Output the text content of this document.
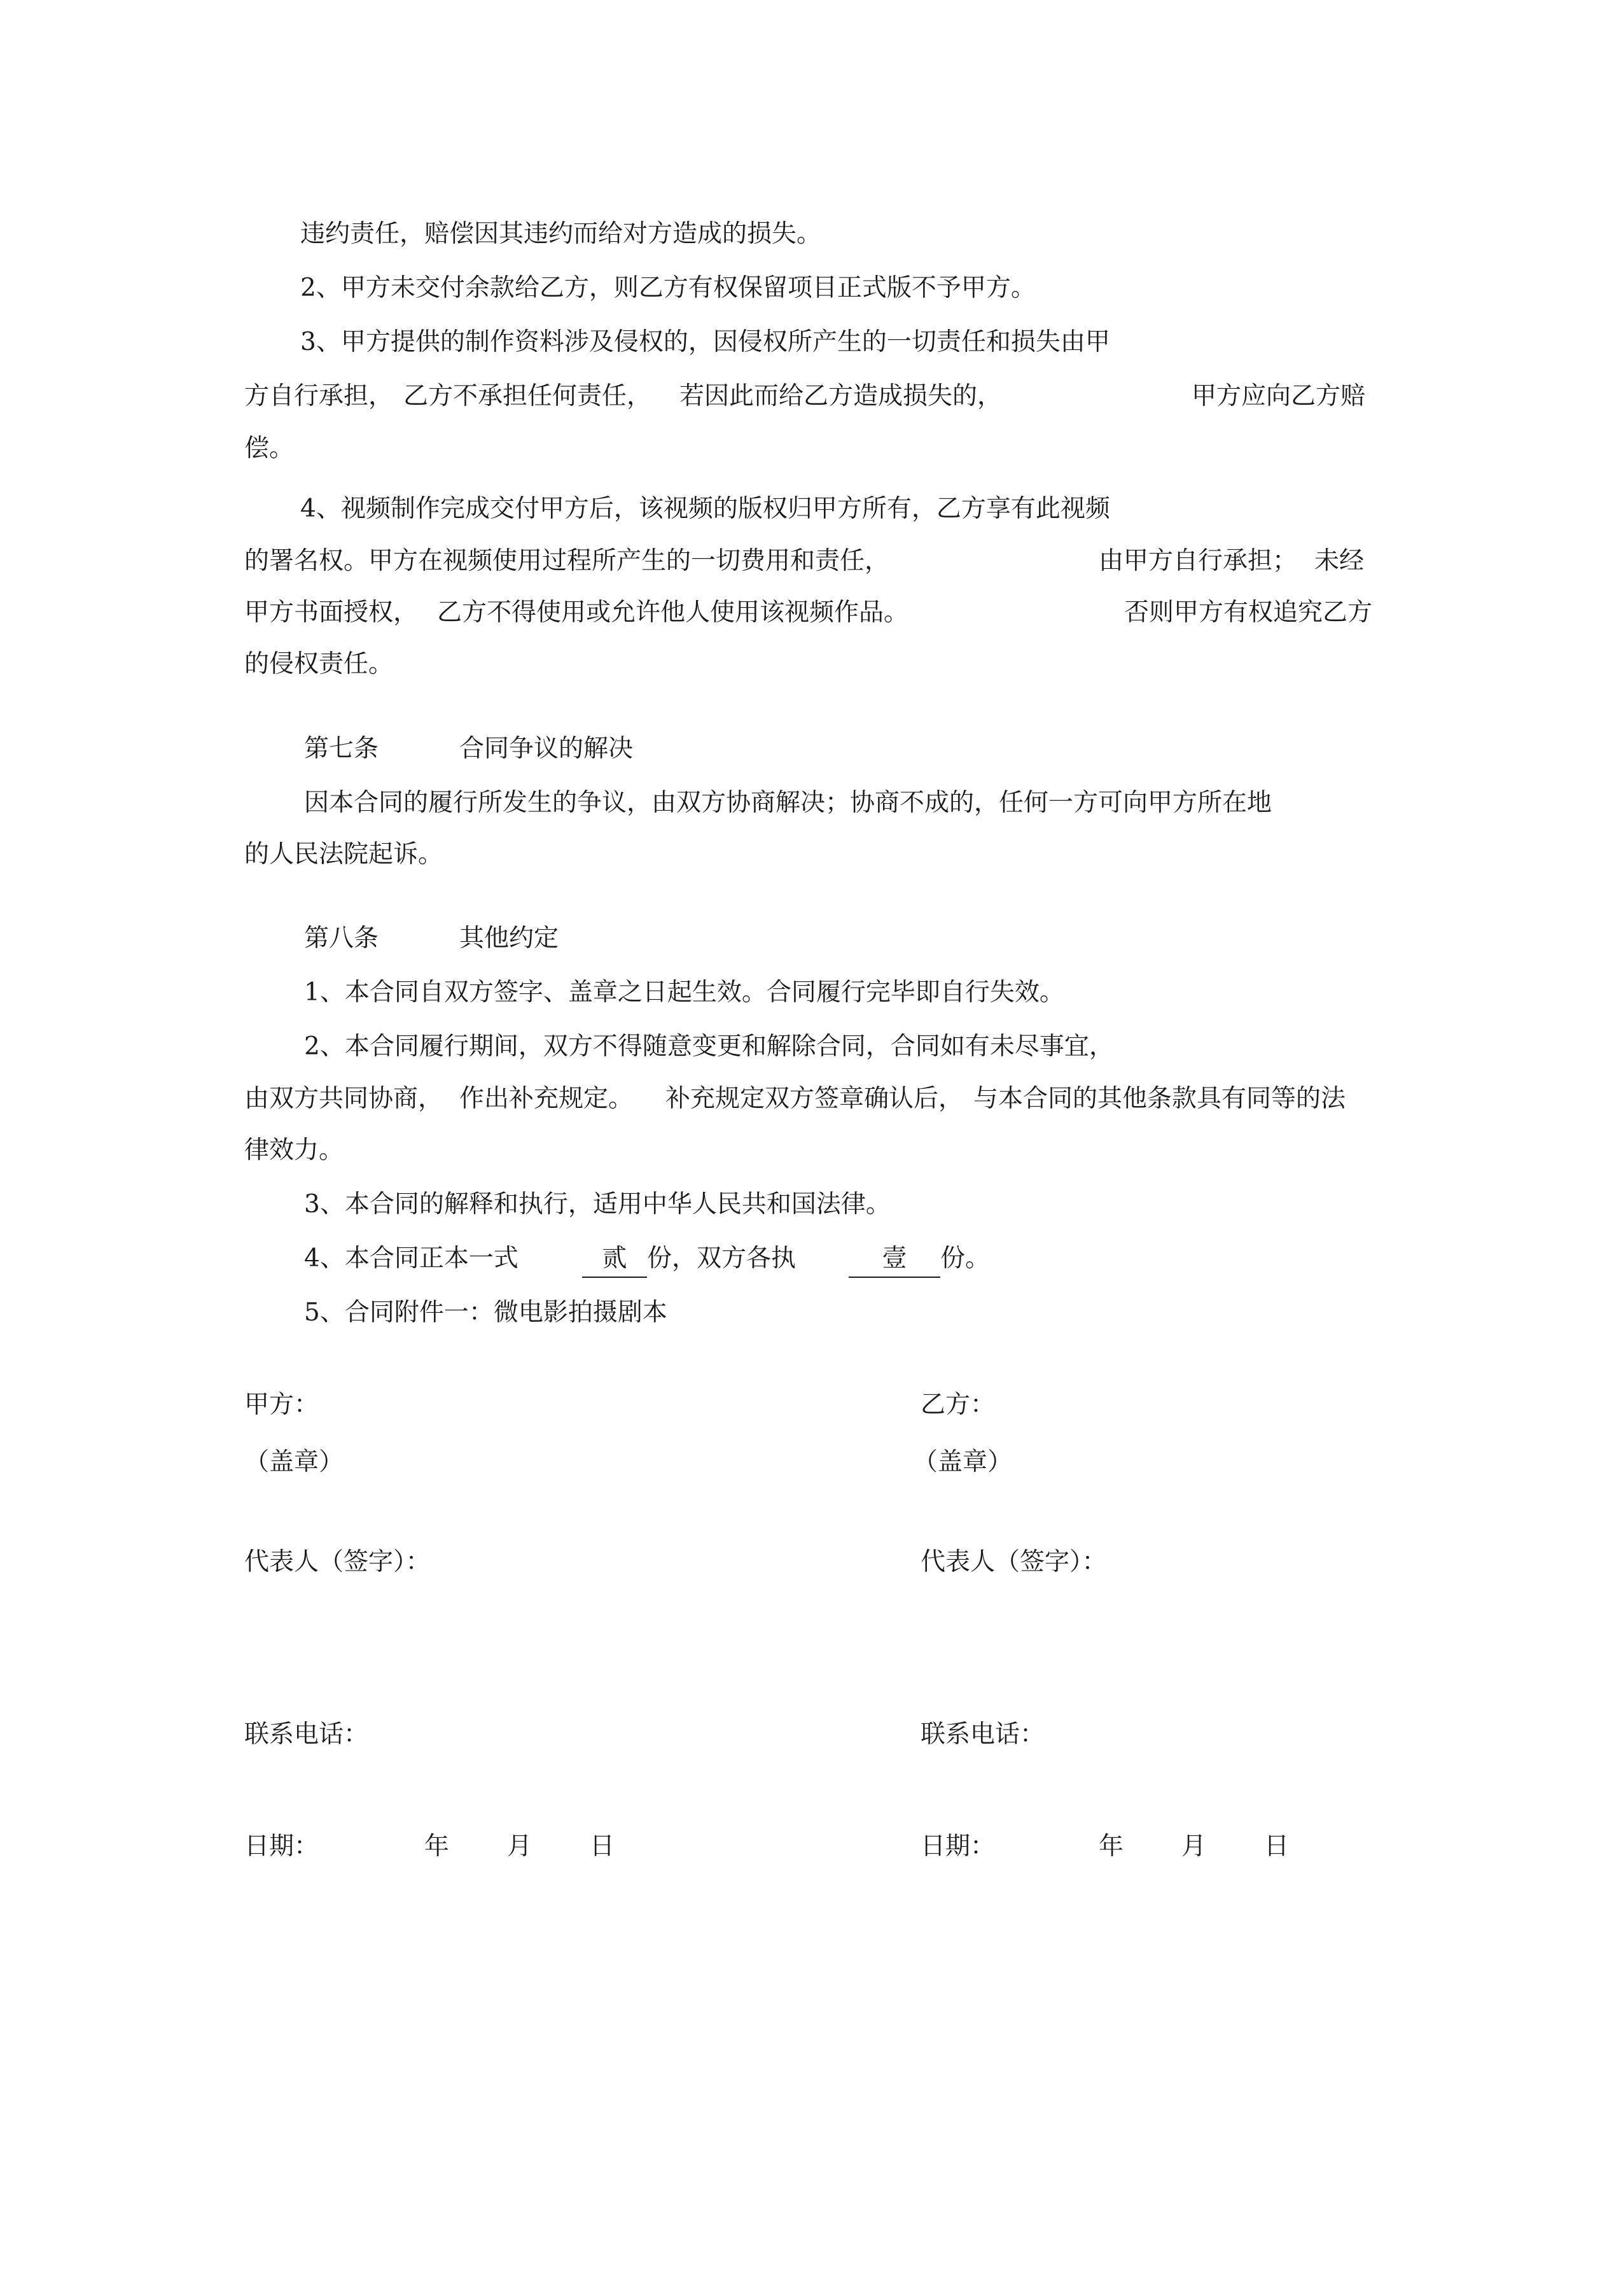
违约责任，赔偿因其违约而给对方造成的损失。
2、甲方未交付余款给乙方，则乙方有权保留项目正式版不予甲方。
3、甲方提供的制作资料涉及侵权的，因侵权所产生的一切责任和损失由甲
方自行承担， 乙方不承担任何责任， 若因此而给乙方造成损失的，	甲方应向乙方赔
偿。
4、视频制作完成交付甲方后，该视频的版权归甲方所有，乙方享有此视频
的署名权。甲方在视频使用过程所产生的一切费用和责任，	由甲方自行承担； 未经
甲方书面授权， 乙方不得使用或允许他人使用该视频作品。	否则甲方有权追究乙方
的侵权责任。
第七条	合同争议的解决
因本合同的履行所发生的争议，由双方协商解决；协商不成的，任何一方可向甲方所在地
的人民法院起诉。
第八条	其他约定
1、本合同自双方签字、盖章之日起生效。合同履行完毕即自行失效。
2、本合同履行期间，双方不得随意变更和解除合同，合同如有未尽事宜，
由双方共同协商， 作出补充规定。 补充规定双方签章确认后， 与本合同的其他条款具有同等的法
律效力。
3、本合同的解释和执行，适用中华人民共和国法律。
4、本合同正本一式	贰 份，双方各执	壹	份。
5、合同附件一：微电影拍摄剧本
甲方：	乙方：
（盖章）	（盖章）
代表人（签字）：	代表人（签字）：
联系电话：	联系电话：
日期：	年 月 日	日期：	年 月 日
